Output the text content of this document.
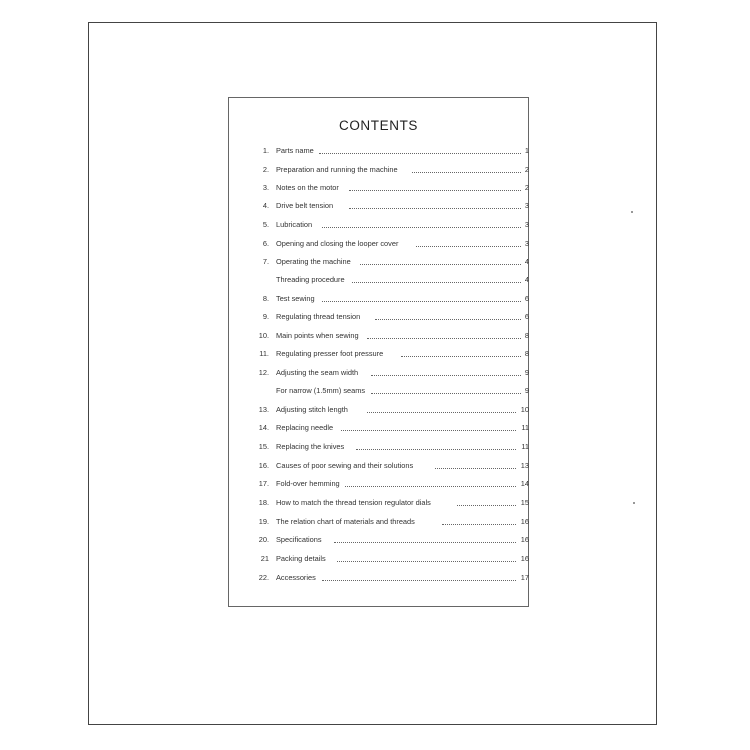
CONTENTS
1. Parts name	1
2. Preparation and running the machine	2
3. Notes on the motor	2
4. Drive belt tension	3
5. Lubrication	3
6. Opening and closing the looper cover	3
7. Operating the machine	4
Threading procedure	4
8. Test sewing	6
9. Regulating thread tension	6
10. Main points when sewing	8
11. Regulating presser foot pressure	8
12. Adjusting the seam width	9
For narrow (1.5mm) seams	9
13. Adjusting stitch length	10
14. Replacing needle	11
15. Replacing the knives	11
16. Causes of poor sewing and their solutions	13
17. Fold-over hemming	14
18. How to match the thread tension regulator dials	15
19. The relation chart of materials and threads	16
20. Specifications	16
21 Packing details	16
22. Accessories	17
